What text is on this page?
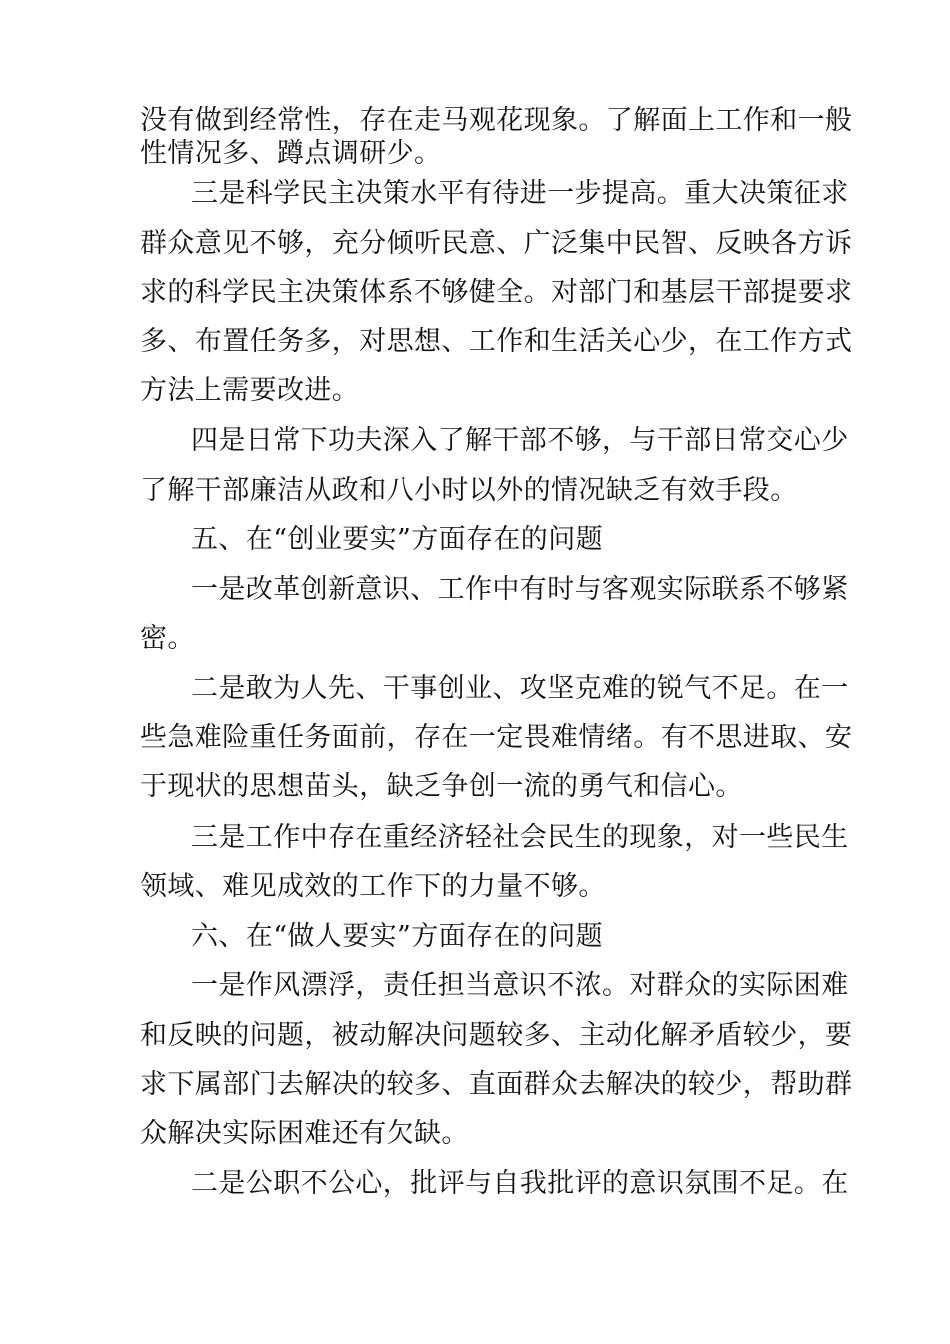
没有做到经常性，存在走马观花现象。了解面上工作和一般
性情况多、蹲点调研少。
三是科学民主决策水平有待进一步提高。重大决策征求
群众意见不够，充分倾听民意、广泛集中民智、反映各方诉
求的科学民主决策体系不够健全。对部门和基层干部提要求
多、布置任务多，对思想、工作和生活关心少，在工作方式
方法上需要改进。
四是日常下功夫深入了解干部不够，与干部日常交心少
了解干部廉洁从政和八小时以外的情况缺乏有效手段。
五、在“创业要实”方面存在的问题
一是改革创新意识、工作中有时与客观实际联系不够紧
密。
二是敢为人先、干事创业、攻坚克难的锐气不足。在一
些急难险重任务面前，存在一定畏难情绪。有不思进取、安
于现状的思想苗头，缺乏争创一流的勇气和信心。
三是工作中存在重经济轻社会民生的现象，对一些民生
领域、难见成效的工作下的力量不够。
六、在“做人要实”方面存在的问题
一是作风漂浮，责任担当意识不浓。对群众的实际困难
和反映的问题，被动解决问题较多、主动化解矛盾较少，要
求下属部门去解决的较多、直面群众去解决的较少，帮助群
众解决实际困难还有欠缺。
二是公职不公心，批评与自我批评的意识氛围不足。在
